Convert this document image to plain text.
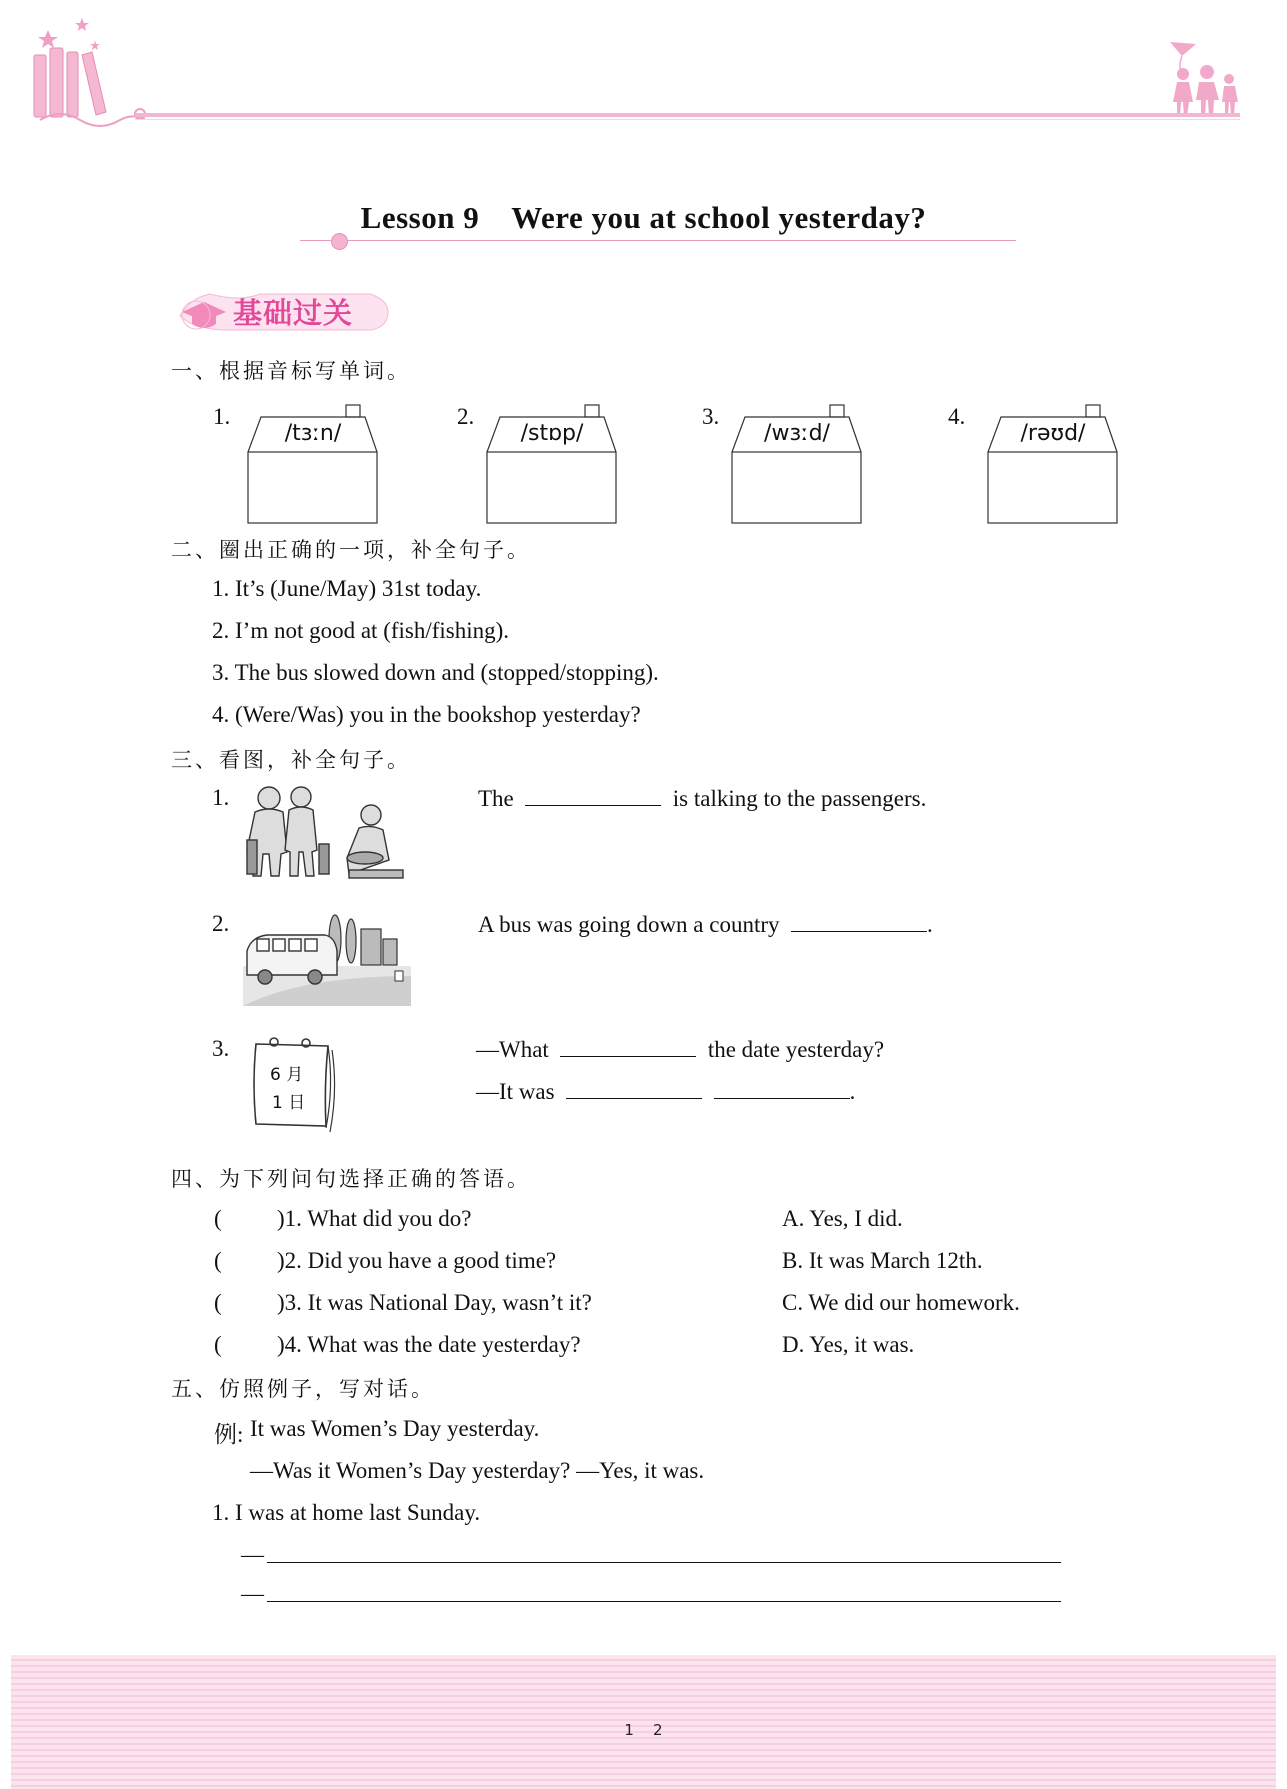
Lesson 9 Were you at school yesterday?
基础过关
一、根据音标写单词。
1.
/tɜːn/
2.
/stɒp/
3.
/wɜːd/
4.
/rəʊd/
二、圈出正确的一项，补全句子。
1. It’s (June/May) 31st today.
2. I’m not good at (fish/fishing).
3. The bus slowed down and (stopped/stopping).
4. (Were/Was) you in the bookshop yesterday?
三、看图，补全句子。
1.	The	is talking to the passengers.
2.	A bus was going down a country	.
3.
6 月
1 日
—What	the date yesterday?
—It was	.
四、为下列问句选择正确的答语。
( )1. What did you do?	A. Yes, I did.
( )2. Did you have a good time?	B. It was March 12th.
( )3. It was National Day, wasn’t it?	C. We did our homework.
( )4. What was the date yesterday?	D. Yes, it was.
五、仿照例子，写对话。
例: It was Women’s Day yesterday.
—Was it Women’s Day yesterday? —Yes, it was.
1. I was at home last Sunday.
—
—
1    2
